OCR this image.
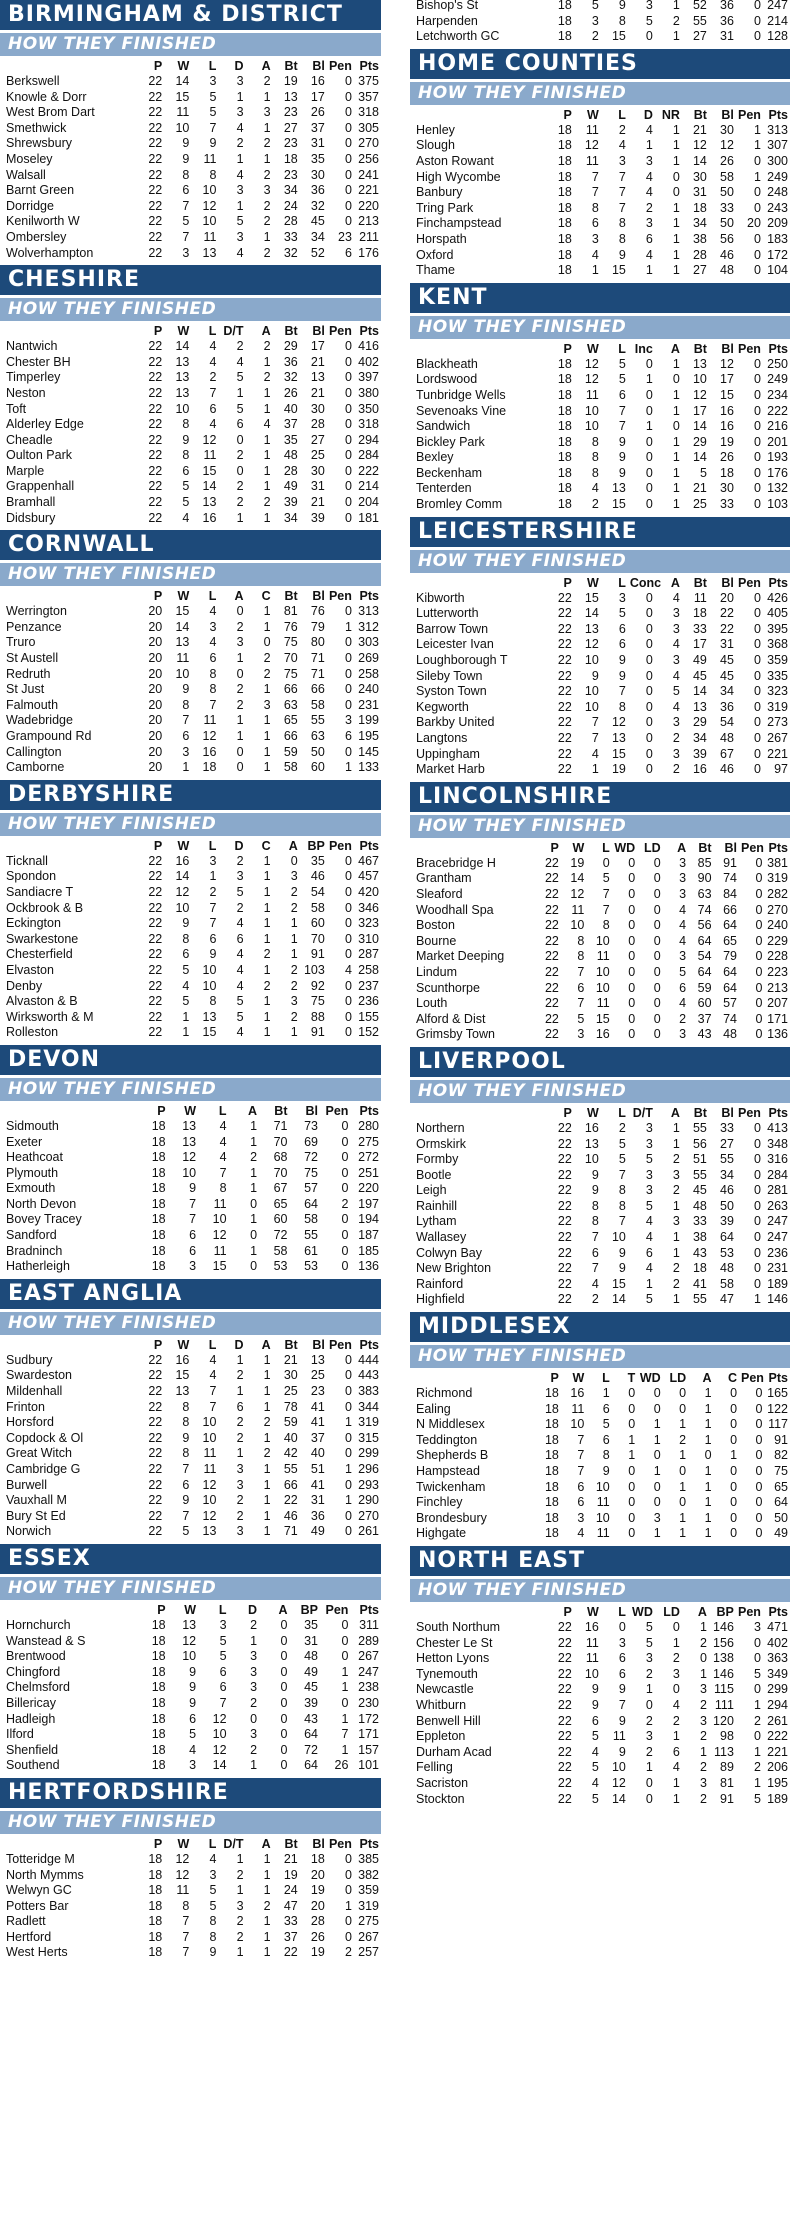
BIRMINGHAM & DISTRICT
HOW THEY FINISHED
	P	W	L	D	A	Bt	Bl	Pen	Pts
Berkswell	22	14	3	3	2	19	16	0	375
Knowle & Dorr	22	15	5	1	1	13	17	0	357
West Brom Dart	22	11	5	3	3	23	26	0	318
Smethwick	22	10	7	4	1	27	37	0	305
Shrewsbury	22	9	9	2	2	23	31	0	270
Moseley	22	9	11	1	1	18	35	0	256
Walsall	22	8	8	4	2	23	30	0	241
Barnt Green	22	6	10	3	3	34	36	0	221
Dorridge	22	7	12	1	2	24	32	0	220
Kenilworth W	22	5	10	5	2	28	45	0	213
Ombersley	22	7	11	3	1	33	34	23	211
Wolverhampton	22	3	13	4	2	32	52	6	176
CHESHIRE
HOW THEY FINISHED
	P	W	L	D/T	A	Bt	Bl	Pen	Pts
Nantwich	22	14	4	2	2	29	17	0	416
Chester BH	22	13	4	4	1	36	21	0	402
Timperley	22	13	2	5	2	32	13	0	397
Neston	22	13	7	1	1	26	21	0	380
Toft	22	10	6	5	1	40	30	0	350
Alderley Edge	22	8	4	6	4	37	28	0	318
Cheadle	22	9	12	0	1	35	27	0	294
Oulton Park	22	8	11	2	1	48	25	0	284
Marple	22	6	15	0	1	28	30	0	222
Grappenhall	22	5	14	2	1	49	31	0	214
Bramhall	22	5	13	2	2	39	21	0	204
Didsbury	22	4	16	1	1	34	39	0	181
CORNWALL
HOW THEY FINISHED
	P	W	L	A	C	Bt	Bl	Pen	Pts
Werrington	20	15	4	0	1	81	76	0	313
Penzance	20	14	3	2	1	76	79	1	312
Truro	20	13	4	3	0	75	80	0	303
St Austell	20	11	6	1	2	70	71	0	269
Redruth	20	10	8	0	2	75	71	0	258
St Just	20	9	8	2	1	66	66	0	240
Falmouth	20	8	7	2	3	63	58	0	231
Wadebridge	20	7	11	1	1	65	55	3	199
Grampound Rd	20	6	12	1	1	66	63	6	195
Callington	20	3	16	0	1	59	50	0	145
Camborne	20	1	18	0	1	58	60	1	133
DERBYSHIRE
HOW THEY FINISHED
	P	W	L	D	C	A	BP	Pen	Pts
Ticknall	22	16	3	2	1	0	35	0	467
Spondon	22	14	1	3	1	3	46	0	457
Sandiacre T	22	12	2	5	1	2	54	0	420
Ockbrook & B	22	10	7	2	1	2	58	0	346
Eckington	22	9	7	4	1	1	60	0	323
Swarkestone	22	8	6	6	1	1	70	0	310
Chesterfield	22	6	9	4	2	1	91	0	287
Elvaston	22	5	10	4	1	2	103	4	258
Denby	22	4	10	4	2	2	92	0	237
Alvaston & B	22	5	8	5	1	3	75	0	236
Wirksworth & M	22	1	13	5	1	2	88	0	155
Rolleston	22	1	15	4	1	1	91	0	152
DEVON
HOW THEY FINISHED
	P	W	L	A	Bt	Bl	Pen	Pts
Sidmouth	18	13	4	1	71	73	0	280
Exeter	18	13	4	1	70	69	0	275
Heathcoat	18	12	4	2	68	72	0	272
Plymouth	18	10	7	1	70	75	0	251
Exmouth	18	9	8	1	67	57	0	220
North Devon	18	7	11	0	65	64	2	197
Bovey Tracey	18	7	10	1	60	58	0	194
Sandford	18	6	12	0	72	55	0	187
Bradninch	18	6	11	1	58	61	0	185
Hatherleigh	18	3	15	0	53	53	0	136
EAST ANGLIA
HOW THEY FINISHED
	P	W	L	D	A	Bt	Bl	Pen	Pts
Sudbury	22	16	4	1	1	21	13	0	444
Swardeston	22	15	4	2	1	30	25	0	443
Mildenhall	22	13	7	1	1	25	23	0	383
Frinton	22	8	7	6	1	78	41	0	344
Horsford	22	8	10	2	2	59	41	1	319
Copdock & Ol	22	9	10	2	1	40	37	0	315
Great Witch	22	8	11	1	2	42	40	0	299
Cambridge G	22	7	11	3	1	55	51	1	296
Burwell	22	6	12	3	1	66	41	0	293
Vauxhall M	22	9	10	2	1	22	31	1	290
Bury St Ed	22	7	12	2	1	46	36	0	270
Norwich	22	5	13	3	1	71	49	0	261
ESSEX
HOW THEY FINISHED
	P	W	L	D	A	BP	Pen	Pts
Hornchurch	18	13	3	2	0	35	0	311
Wanstead & S	18	12	5	1	0	31	0	289
Brentwood	18	10	5	3	0	48	0	267
Chingford	18	9	6	3	0	49	1	247
Chelmsford	18	9	6	3	0	45	1	238
Billericay	18	9	7	2	0	39	0	230
Hadleigh	18	6	12	0	0	43	1	172
Ilford	18	5	10	3	0	64	7	171
Shenfield	18	4	12	2	0	72	1	157
Southend	18	3	14	1	0	64	26	101
HERTFORDSHIRE
HOW THEY FINISHED
	P	W	L	D/T	A	Bt	Bl	Pen	Pts
Totteridge M	18	12	4	1	1	21	18	0	385
North Mymms	18	12	3	2	1	19	20	0	382
Welwyn GC	18	11	5	1	1	24	19	0	359
Potters Bar	18	8	5	3	2	47	20	1	319
Radlett	18	7	8	2	1	33	28	0	275
Hertford	18	7	8	2	1	37	26	0	267
West Herts	18	7	9	1	1	22	19	2	257
Bishop's St	18	5	9	3	1	52	36	0	247
Harpenden	18	3	8	5	2	55	36	0	214
Letchworth GC	18	2	15	0	1	27	31	0	128
HOME COUNTIES
HOW THEY FINISHED
	P	W	L	D	NR	Bt	Bl	Pen	Pts
Henley	18	11	2	4	1	21	30	1	313
Slough	18	12	4	1	1	12	12	1	307
Aston Rowant	18	11	3	3	1	14	26	0	300
High Wycombe	18	7	7	4	0	30	58	1	249
Banbury	18	7	7	4	0	31	50	0	248
Tring Park	18	8	7	2	1	18	33	0	243
Finchampstead	18	6	8	3	1	34	50	20	209
Horspath	18	3	8	6	1	38	56	0	183
Oxford	18	4	9	4	1	28	46	0	172
Thame	18	1	15	1	1	27	48	0	104
KENT
HOW THEY FINISHED
	P	W	L	Inc	A	Bt	Bl	Pen	Pts
Blackheath	18	12	5	0	1	13	12	0	250
Lordswood	18	12	5	1	0	10	17	0	249
Tunbridge Wells	18	11	6	0	1	12	15	0	234
Sevenoaks Vine	18	10	7	0	1	17	16	0	222
Sandwich	18	10	7	1	0	14	16	0	216
Bickley Park	18	8	9	0	1	29	19	0	201
Bexley	18	8	9	0	1	14	26	0	193
Beckenham	18	8	9	0	1	5	18	0	176
Tenterden	18	4	13	0	1	21	30	0	132
Bromley Comm	18	2	15	0	1	25	33	0	103
LEICESTERSHIRE
HOW THEY FINISHED
	P	W	L	Conc	A	Bt	Bl	Pen	Pts
Kibworth	22	15	3	0	4	11	20	0	426
Lutterworth	22	14	5	0	3	18	22	0	405
Barrow Town	22	13	6	0	3	33	22	0	395
Leicester Ivan	22	12	6	0	4	17	31	0	368
Loughborough T	22	10	9	0	3	49	45	0	359
Sileby Town	22	9	9	0	4	45	45	0	335
Syston Town	22	10	7	0	5	14	34	0	323
Kegworth	22	10	8	0	4	13	36	0	319
Barkby United	22	7	12	0	3	29	54	0	273
Langtons	22	7	13	0	2	34	48	0	267
Uppingham	22	4	15	0	3	39	67	0	221
Market Harb	22	1	19	0	2	16	46	0	97
LINCOLNSHIRE
HOW THEY FINISHED
	P	W	L	WD	LD	A	Bt	Bl	Pen	Pts
Bracebridge H	22	19	0	0	0	3	85	91	0	381
Grantham	22	14	5	0	0	3	90	74	0	319
Sleaford	22	12	7	0	0	3	63	84	0	282
Woodhall Spa	22	11	7	0	0	4	74	66	0	270
Boston	22	10	8	0	0	4	56	64	0	240
Bourne	22	8	10	0	0	4	64	65	0	229
Market Deeping	22	8	11	0	0	3	54	79	0	228
Lindum	22	7	10	0	0	5	64	64	0	223
Scunthorpe	22	6	10	0	0	6	59	64	0	213
Louth	22	7	11	0	0	4	60	57	0	207
Alford & Dist	22	5	15	0	0	2	37	74	0	171
Grimsby Town	22	3	16	0	0	3	43	48	0	136
LIVERPOOL
HOW THEY FINISHED
	P	W	L	D/T	A	Bt	Bl	Pen	Pts
Northern	22	16	2	3	1	55	33	0	413
Ormskirk	22	13	5	3	1	56	27	0	348
Formby	22	10	5	5	2	51	55	0	316
Bootle	22	9	7	3	3	55	34	0	284
Leigh	22	9	8	3	2	45	46	0	281
Rainhill	22	8	8	5	1	48	50	0	263
Lytham	22	8	7	4	3	33	39	0	247
Wallasey	22	7	10	4	1	38	64	0	247
Colwyn Bay	22	6	9	6	1	43	53	0	236
New Brighton	22	7	9	4	2	18	48	0	231
Rainford	22	4	15	1	2	41	58	0	189
Highfield	22	2	14	5	1	55	47	1	146
MIDDLESEX
HOW THEY FINISHED
	P	W	L	T	WD	LD	A	C	Pen	Pts
Richmond	18	16	1	0	0	0	1	0	0	165
Ealing	18	11	6	0	0	0	1	0	0	122
N Middlesex	18	10	5	0	1	1	1	0	0	117
Teddington	18	7	6	1	1	2	1	0	0	91
Shepherds B	18	7	8	1	0	1	0	1	0	82
Hampstead	18	7	9	0	1	0	1	0	0	75
Twickenham	18	6	10	0	0	1	1	0	0	65
Finchley	18	6	11	0	0	0	1	0	0	64
Brondesbury	18	3	10	0	3	1	1	0	0	50
Highgate	18	4	11	0	1	1	1	0	0	49
NORTH EAST
HOW THEY FINISHED
	P	W	L	WD	LD	A	BP	Pen	Pts
South Northum	22	16	0	5	0	1	146	3	471
Chester Le St	22	11	3	5	1	2	156	0	402
Hetton Lyons	22	11	6	3	2	0	138	0	363
Tynemouth	22	10	6	2	3	1	146	5	349
Newcastle	22	9	9	1	0	3	115	0	299
Whitburn	22	9	7	0	4	2	111	1	294
Benwell Hill	22	6	9	2	2	3	120	2	261
Eppleton	22	5	11	3	1	2	98	0	222
Durham Acad	22	4	9	2	6	1	113	1	221
Felling	22	5	10	1	4	2	89	2	206
Sacriston	22	4	12	0	1	3	81	1	195
Stockton	22	5	14	0	1	2	91	5	189
